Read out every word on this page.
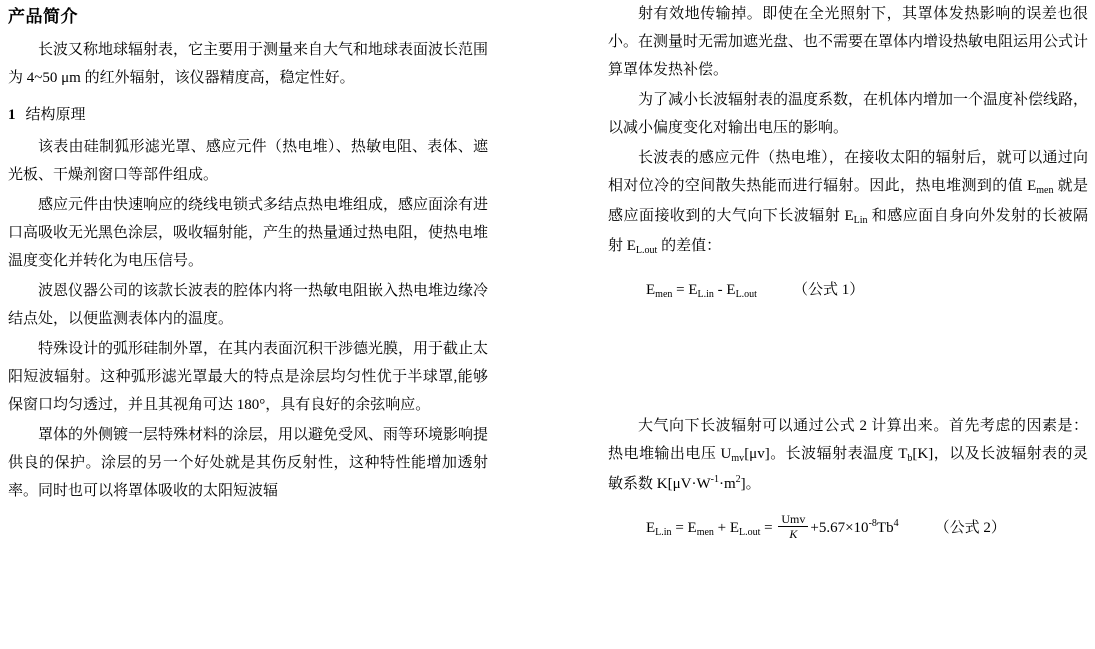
产品简介

长波又称地球辐射表，它主要用于测量来自大气和地球表面波长范围为 4~50 μm 的红外辐射，该仪器精度高，稳定性好。

1 结构原理

该表由硅制狐形滤光罩、感应元件（热电堆）、热敏电阻、表体、遮光板、干燥剂窗口等部件组成。

感应元件由快速响应的绕线电锁式多结点热电堆组成，感应面涂有进口高吸收无光黑色涂层，吸收辐射能，产生的热量通过热电阻，使热电堆温度变化并转化为电压信号。

波恩仪器公司的该款长波表的腔体内将一热敏电阻嵌入热电堆边缘冷结点处，以便监测表体内的温度。

特殊设计的弧形硅制外罩，在其内表面沉积干涉德光膜，用于截止太阳短波辐射。这种弧形滤光罩最大的特点是涂层均匀性优于半球罩,能够保窗口均匀透过，并且其视角可达 180°，具有良好的余弦响应。

罩体的外侧镀一层特殊材料的涂层，用以避免受风、雨等环境影响提供良的保护。涂层的另一个好处就是其伤反射性，这种特性能增加透射率。同时也可以将罩体吸收的太阳短波辐

射有效地传输掉。即使在全光照射下，其罩体发热影响的误差也很小。在测量时无需加遮光盘、也不需要在罩体内增设热敏电阻运用公式计算罩体发热补偿。

为了减小长波辐射表的温度系数，在机体内增加一个温度补偿线路，以减小偏度变化对输出电压的影响。

长波表的感应元件（热电堆），在接收太阳的辐射后，就可以通过向相对位冷的空间散失热能而进行辐射。因此，热电堆测到的值 $E_{men}$ 就是感应面接收到的大气向下长波辐射 $E_{Lin}$ 和感应面自身向外发射的长被隔射 $E_{L.out}$ 的差值：

$E_{men} = E_{L.in} - E_{L.out}$ （公式 1）

大气向下长波辐射可以通过公式 2 计算出来。首先考虑的因素是：热电堆输出电压 $U_{mv}[\mu v]$。长波辐射表温度 $T_b[K]$，以及长波辐射表的灵敏系数 $K[\mu V\cdot W^{-1}\cdot m^2]$。

$E_{L.in} = E_{men} + E_{L.out} = \frac{\text{Umv}}{K} +5.67\times 10^{-8}Tb^4$ （公式 2）
